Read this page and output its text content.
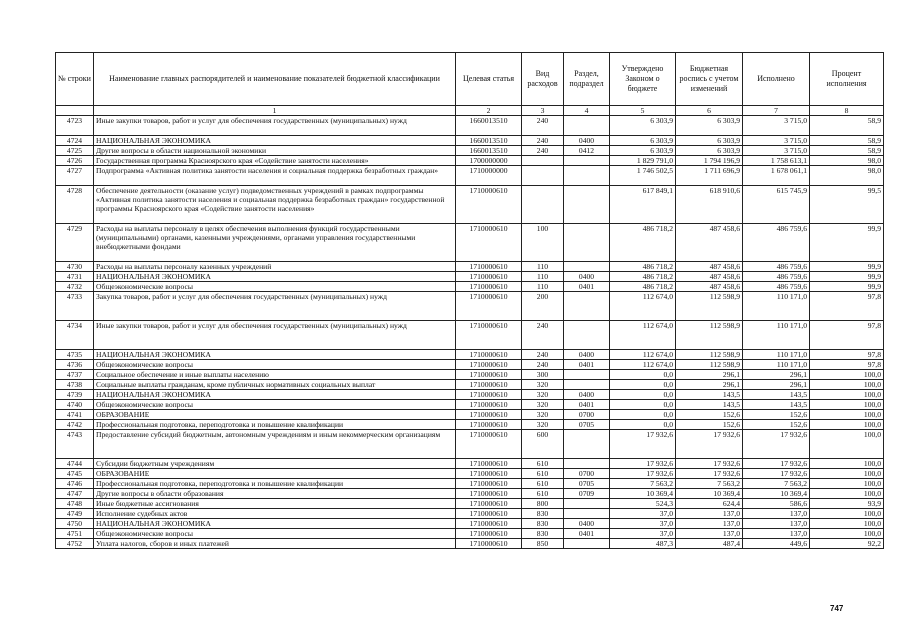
№ строки	Наименование главных распорядителей и наименование показателей бюджетной классификации	Целевая статья	Вид расходов	Раздел, подраздел	Утверждено Законом о бюджете	Бюджетная роспись с учетом изменений	Исполнено	Процент исполнения
	1	2	3	4	5	6	7	8
4723	Иные закупки товаров, работ и услуг для обеспечения государственных (муниципальных) нужд	1660013510	240		6 303,9	6 303,9	3 715,0	58,9
4724	НАЦИОНАЛЬНАЯ ЭКОНОМИКА	1660013510	240	0400	6 303,9	6 303,9	3 715,0	58,9
4725	Другие вопросы в области национальной экономики	1660013510	240	0412	6 303,9	6 303,9	3 715,0	58,9
4726	Государственная программа Красноярского края «Содействие занятости населения»	1700000000			1 829 791,0	1 794 196,9	1 758 613,1	98,0
4727	Подпрограмма «Активная политика занятости населения и социальная поддержка безработных граждан»	1710000000			1 746 502,5	1 711 696,9	1 678 061,1	98,0
4728	Обеспечение деятельности (оказание услуг) подведомственных учреждений в рамках подпрограммы «Активная политика занятости населения и социальная поддержка безработных граждан» государственной программы Красноярского края «Содействие занятости населения»	1710000610			617 849,1	618 910,6	615 745,9	99,5
4729	Расходы на выплаты персоналу в целях обеспечения выполнения функций государственными (муниципальными) органами, казенными учреждениями, органами управления государственными внебюджетными фондами	1710000610	100		486 718,2	487 458,6	486 759,6	99,9
4730	Расходы на выплаты персоналу казенных учреждений	1710000610	110		486 718,2	487 458,6	486 759,6	99,9
4731	НАЦИОНАЛЬНАЯ ЭКОНОМИКА	1710000610	110	0400	486 718,2	487 458,6	486 759,6	99,9
4732	Общеэкономические вопросы	1710000610	110	0401	486 718,2	487 458,6	486 759,6	99,9
4733	Закупка товаров, работ и услуг для обеспечения государственных (муниципальных) нужд	1710000610	200		112 674,0	112 598,9	110 171,0	97,8
4734	Иные закупки товаров, работ и услуг для обеспечения государственных (муниципальных) нужд	1710000610	240		112 674,0	112 598,9	110 171,0	97,8
4735	НАЦИОНАЛЬНАЯ ЭКОНОМИКА	1710000610	240	0400	112 674,0	112 598,9	110 171,0	97,8
4736	Общеэкономические вопросы	1710000610	240	0401	112 674,0	112 598,9	110 171,0	97,8
4737	Социальное обеспечение и иные выплаты населению	1710000610	300		0,0	296,1	296,1	100,0
4738	Социальные выплаты гражданам, кроме публичных нормативных социальных выплат	1710000610	320		0,0	296,1	296,1	100,0
4739	НАЦИОНАЛЬНАЯ ЭКОНОМИКА	1710000610	320	0400	0,0	143,5	143,5	100,0
4740	Общеэкономические вопросы	1710000610	320	0401	0,0	143,5	143,5	100,0
4741	ОБРАЗОВАНИЕ	1710000610	320	0700	0,0	152,6	152,6	100,0
4742	Профессиональная подготовка, переподготовка и повышение квалификации	1710000610	320	0705	0,0	152,6	152,6	100,0
4743	Предоставление субсидий бюджетным, автономным учреждениям и иным некоммерческим организациям	1710000610	600		17 932,6	17 932,6	17 932,6	100,0
4744	Субсидии бюджетным учреждениям	1710000610	610		17 932,6	17 932,6	17 932,6	100,0
4745	ОБРАЗОВАНИЕ	1710000610	610	0700	17 932,6	17 932,6	17 932,6	100,0
4746	Профессиональная подготовка, переподготовка и повышение квалификации	1710000610	610	0705	7 563,2	7 563,2	7 563,2	100,0
4747	Другие вопросы в области образования	1710000610	610	0709	10 369,4	10 369,4	10 369,4	100,0
4748	Иные бюджетные ассигнования	1710000610	800		524,3	624,4	586,6	93,9
4749	Исполнение судебных актов	1710000610	830		37,0	137,0	137,0	100,0
4750	НАЦИОНАЛЬНАЯ ЭКОНОМИКА	1710000610	830	0400	37,0	137,0	137,0	100,0
4751	Общеэкономические вопросы	1710000610	830	0401	37,0	137,0	137,0	100,0
4752	Уплата налогов, сборов и иных платежей	1710000610	850		487,3	487,4	449,6	92,2
747
